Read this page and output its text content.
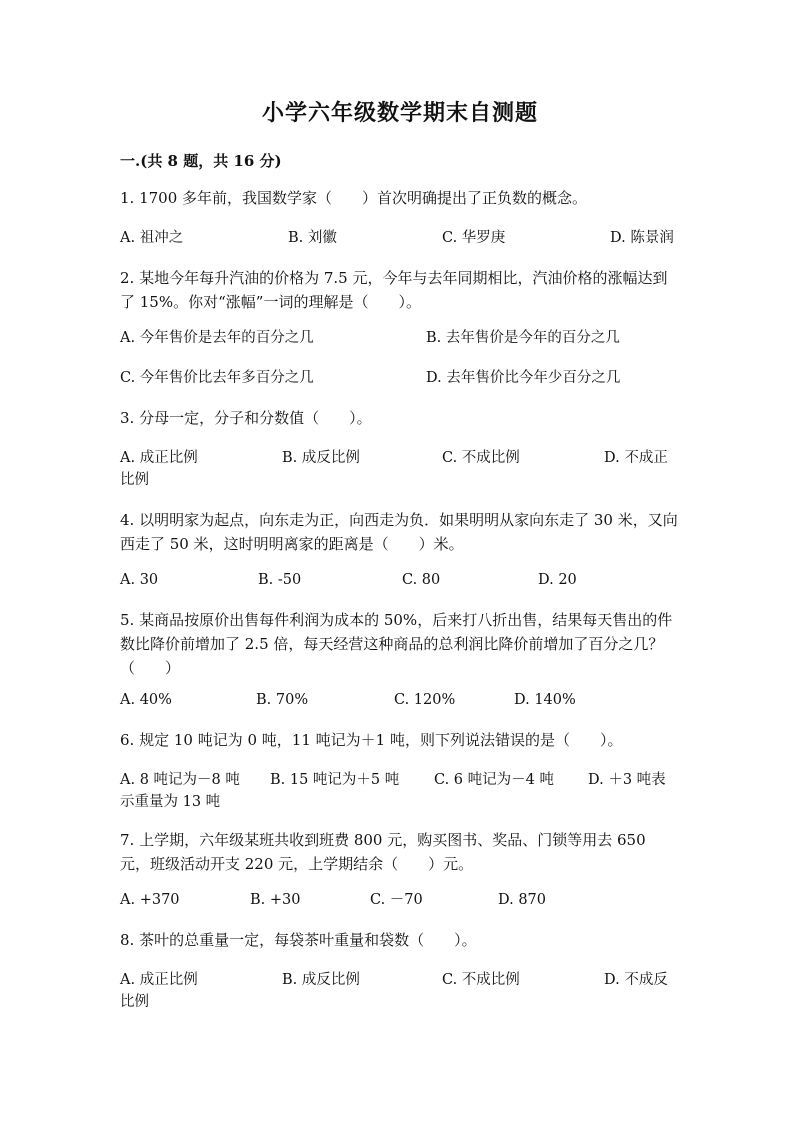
小学六年级数学期末自测题
一.(共 8 题，共 16 分)

1. 1700 多年前，我国数学家（　　）首次明确提出了正负数的概念。

A. 祖冲之	B. 刘徽	C. 华罗庚	D. 陈景润

2. 某地今年每升汽油的价格为 7.5 元，今年与去年同期相比，汽油价格的涨幅达到了 15%。你对“涨幅”一词的理解是（　　）。

A. 今年售价是去年的百分之几	B. 去年售价是今年的百分之几
C. 今年售价比去年多百分之几	D. 去年售价比今年少百分之几

3. 分母一定，分子和分数值（　　）。

A. 成正比例	B. 成反比例	C. 不成比例	D. 不成正

比例

4. 以明明家为起点，向东走为正，向西走为负．如果明明从家向东走了 30 米，又向西走了 50 米，这时明明离家的距离是（　　）米。

A. 30	B. -50	C. 80	D. 20

5. 某商品按原价出售每件利润为成本的 50%，后来打八折出售，结果每天售出的件数比降价前增加了 2.5 倍，每天经营这种商品的总利润比降价前增加了百分之几？（　　）

A. 40%	B. 70%	C. 120%	D. 140%

6. 规定 10 吨记为 0 吨，11 吨记为＋1 吨，则下列说法错误的是（　　）。

A. 8 吨记为－8 吨 B. 15 吨记为＋5 吨 C. 6 吨记为－4 吨 D. ＋3 吨表

示重量为 13 吨

7. 上学期，六年级某班共收到班费 800 元，购买图书、奖品、门锁等用去 650 元，班级活动开支 220 元，上学期结余（　　）元。

A. +370	B. +30	C. －70	D. 870

8. 茶叶的总重量一定，每袋茶叶重量和袋数（　　）。

A. 成正比例	B. 成反比例	C. 不成比例	D. 不成反

比例
